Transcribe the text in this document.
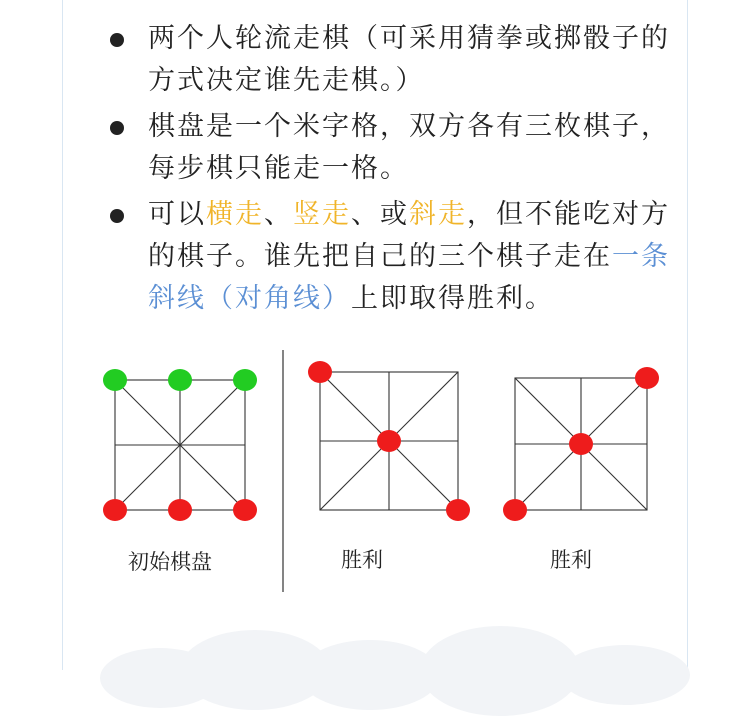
两个人轮流走棋（可采用猜拳或掷骰子的方式决定谁先走棋。）

棋盘是一个米字格，双方各有三枚棋子，每步棋只能走一格。

可以横走、竖走、或斜走，但不能吃对方的棋子。谁先把自己的三个棋子走在一条斜线（对角线）上即取得胜利。

初始棋盘	胜利	胜利
